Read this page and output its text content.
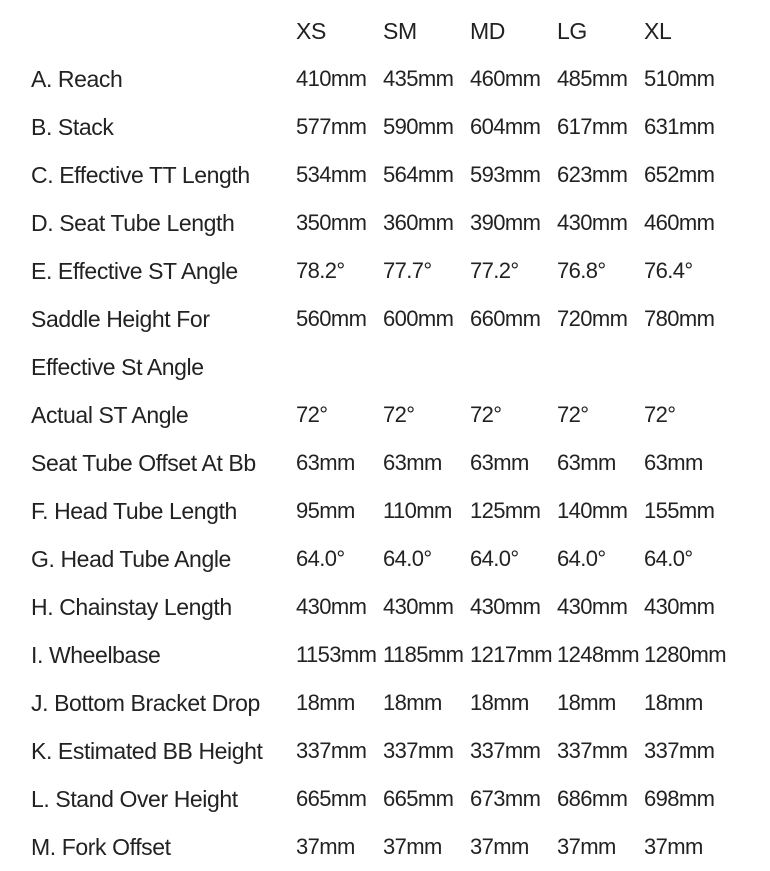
	XS	SM	MD	LG	XL
A. Reach	410mm	435mm	460mm	485mm	510mm
B. Stack	577mm	590mm	604mm	617mm	631mm
C. Effective TT Length	534mm	564mm	593mm	623mm	652mm
D. Seat Tube Length	350mm	360mm	390mm	430mm	460mm
E. Effective ST Angle	78.2°	77.7°	77.2°	76.8°	76.4°
Saddle Height For	560mm	600mm	660mm	720mm	780mm
Effective St Angle					
Actual ST Angle	72°	72°	72°	72°	72°
Seat Tube Offset At Bb	63mm	63mm	63mm	63mm	63mm
F. Head Tube Length	95mm	110mm	125mm	140mm	155mm
G. Head Tube Angle	64.0°	64.0°	64.0°	64.0°	64.0°
H. Chainstay Length	430mm	430mm	430mm	430mm	430mm
I. Wheelbase	1153mm	1185mm	1217mm	1248mm	1280mm
J. Bottom Bracket Drop	18mm	18mm	18mm	18mm	18mm
K. Estimated BB Height	337mm	337mm	337mm	337mm	337mm
L. Stand Over Height	665mm	665mm	673mm	686mm	698mm
M. Fork Offset	37mm	37mm	37mm	37mm	37mm
